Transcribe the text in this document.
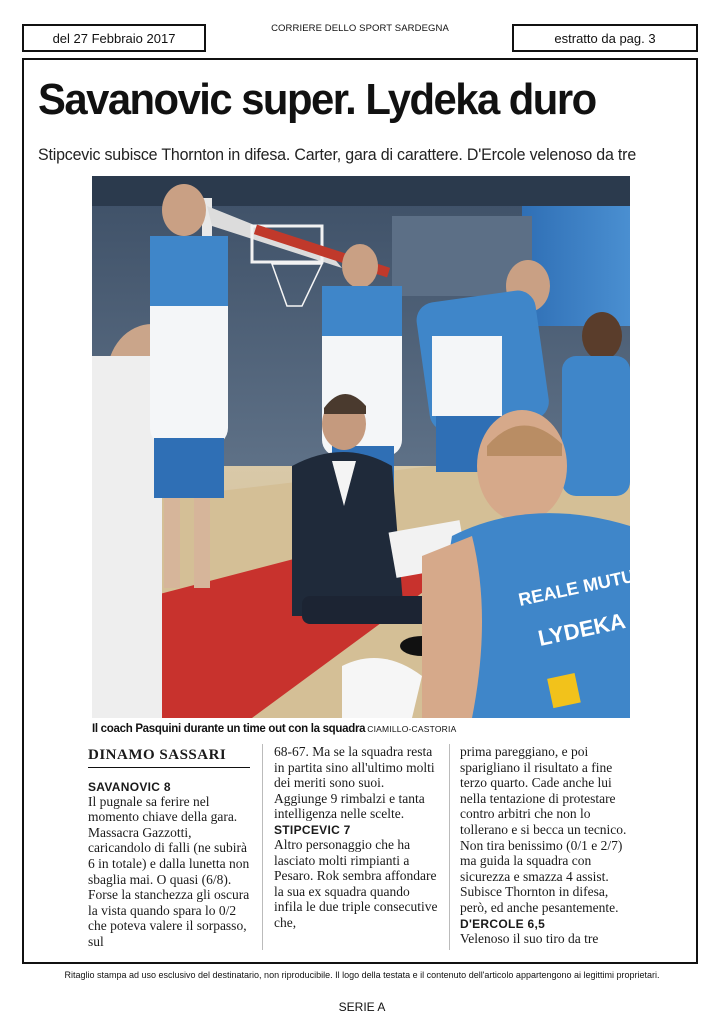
del 27 Febbraio 2017
CORRIERE DELLO SPORT SARDEGNA
estratto da pag. 3
Savanovic super. Lydeka duro
Stipcevic subisce Thornton in difesa. Carter, gara di carattere. D'Ercole velenoso da tre
REALE MUTUA
LYDEKA
Il coach Pasquini durante un time out con la squadra CIAMILLO-CASTORIA
DINAMO SASSARI
SAVANOVIC 8

Il pugnale sa ferire nel momento chiave della gara. Massacra Gazzotti, caricandolo di falli (ne subirà 6 in totale) e dalla lunetta non sbaglia mai. O quasi (6/8). Forse la stanchezza gli oscura la vista quando spara lo 0/2 che poteva valere il sorpasso, sul

68-67. Ma se la squadra resta in partita sino all'ultimo molti dei meriti sono suoi. Aggiunge 9 rimbalzi e tanta intelligenza nelle scelte.

STIPCEVIC 7

Altro personaggio che ha lasciato molti rimpianti a Pesaro. Rok sembra affondare la sua ex squadra quando infila le due triple consecutive che,

prima pareggiano, e poi sparigliano il risultato a fine terzo quarto. Cade anche lui nella tentazione di protestare contro arbitri che non lo tollerano e si becca un tecnico. Non tira benissimo (0/1 e 2/7) ma guida la squadra con sicurezza e smazza 4 assist. Subisce Thornton in difesa, però, ed anche pesantemente.

D'ERCOLE 6,5

Velenoso il suo tiro da tre

Ritaglio stampa ad uso esclusivo del destinatario, non riproducibile. Il logo della testata e il contenuto dell'articolo appartengono ai legittimi proprietari.
SERIE A
